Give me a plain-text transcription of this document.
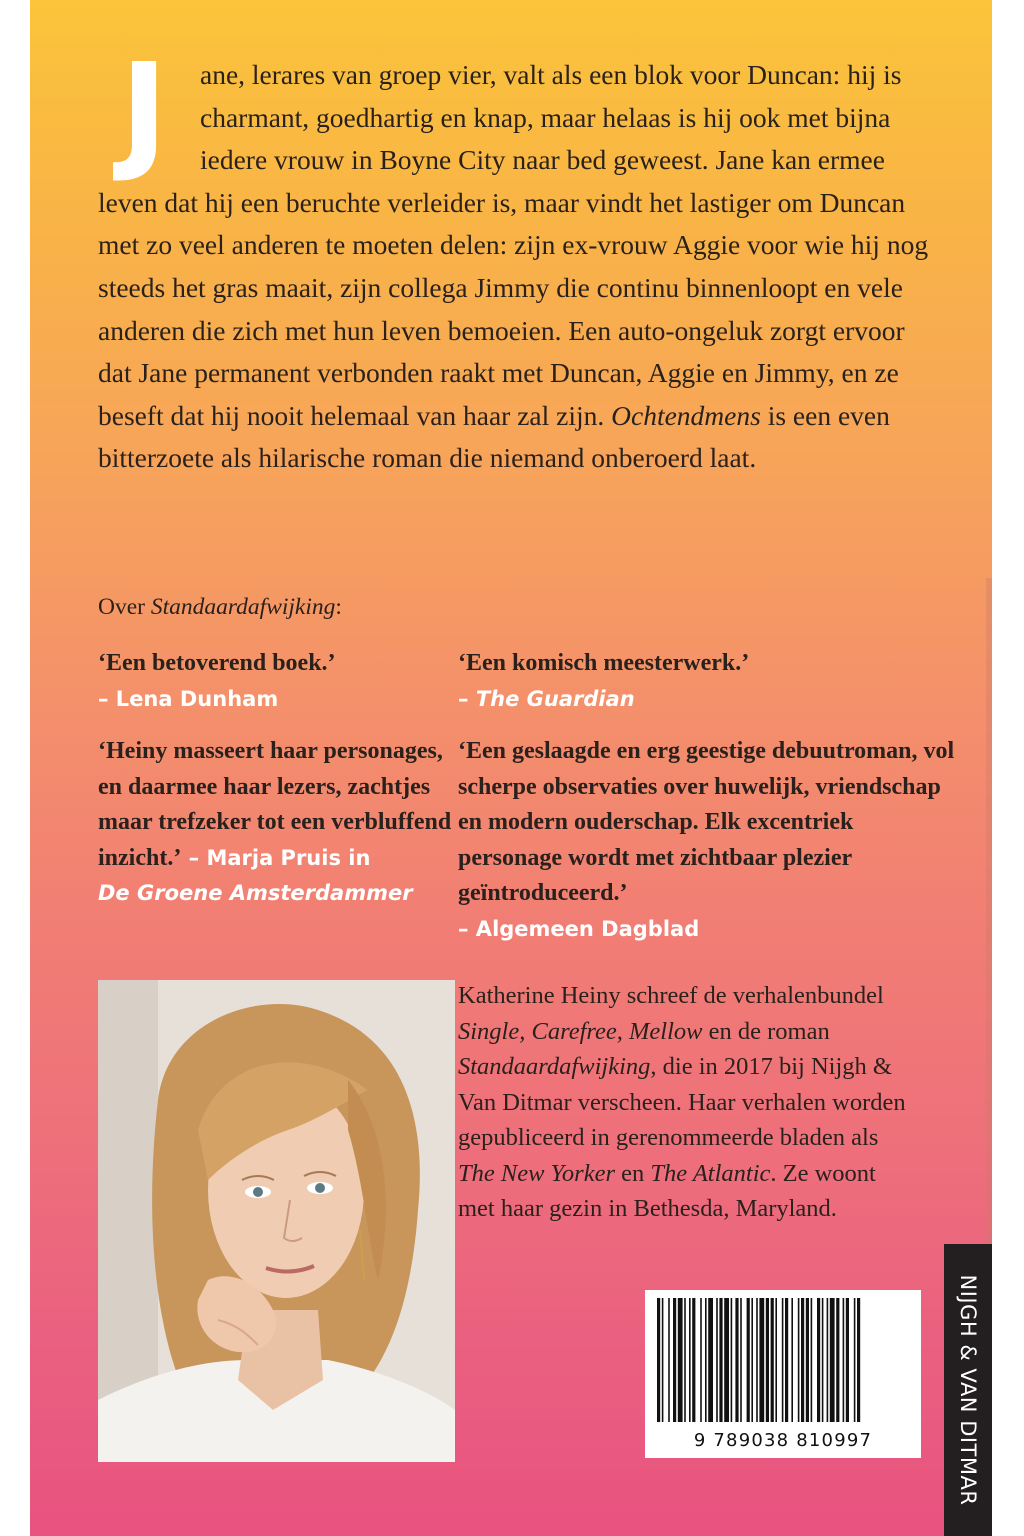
J	ane, lerares van groep vier, valt als een blok voor Duncan: hij is charmant, goedhartig en knap, maar helaas is hij ook met bijna iedere vrouw in Boyne City naar bed geweest. Jane kan ermee leven dat hij een beruchte verleider is, maar vindt het lastiger om Duncan met zo veel anderen te moeten delen: zijn ex-vrouw Aggie voor wie hij nog steeds het gras maait, zijn collega Jimmy die continu binnenloopt en vele anderen die zich met hun leven bemoeien. Een auto-ongeluk zorgt ervoor dat Jane permanent verbonden raakt met Duncan, Aggie en Jimmy, en ze beseft dat hij nooit helemaal van haar zal zijn. Ochtendmens is een even bitterzoete als hilarische roman die niemand onberoerd laat.

Over Standaardafwijking:

‘Een betoverend boek.’
– Lena Dunham

‘Een komisch meesterwerk.’
– The Guardian

‘Heiny masseert haar personages, en daarmee haar lezers, zachtjes maar trefzeker tot een verbluffend inzicht.’ – Marja Pruis in
De Groene Amsterdammer

‘Een geslaagde en erg geestige debuutroman, vol scherpe observaties over huwelijk, vriendschap en modern ouderschap. Elk excentriek personage wordt met zichtbaar plezier geïntroduceerd.’
– Algemeen Dagblad

Katherine Heiny schreef de verhalenbundel Single, Carefree, Mellow en de roman Standaardafwijking, die in 2017 bij Nijgh & Van Ditmar verscheen. Haar verhalen worden gepubliceerd in gerenommeerde bladen als The New Yorker en The Atlantic. Ze woont met haar gezin in Bethesda, Maryland.

9 789038 810997	NIJGH & VAN DITMAR
